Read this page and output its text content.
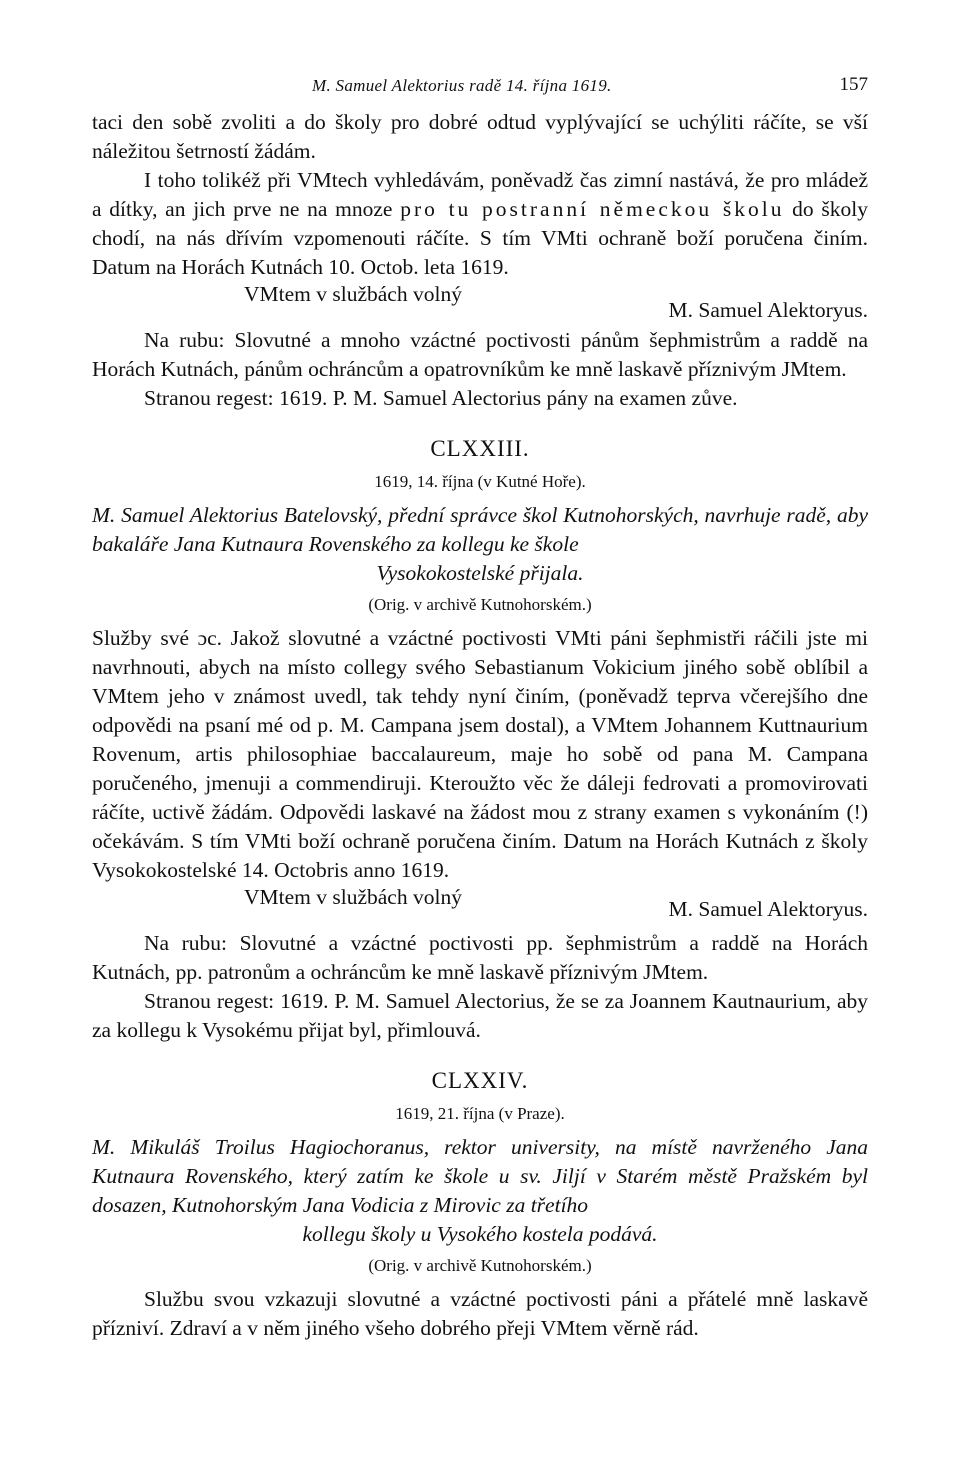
M. Samuel Alektorius radě 14. října 1619.	157

taci den sobě zvoliti a do školy pro dobré odtud vyplývající se uchýliti ráčíte, se vší náležitou šetrností žádám.

I toho tolikéž při VMtech vyhledávám, poněvadž čas zimní nastává, že pro mládež a dítky, an jich prve ne na mnoze pro tu postranní německou školu do školy chodí, na nás dřívím vzpomenouti ráčíte. S tím VMti ochraně boží poručena činím. Datum na Horách Kutnách 10. Octob. leta 1619.

VMtem v službách volný
M. Samuel Alektoryus.

Na rubu: Slovutné a mnoho vzáctné poctivosti pánům šephmistrům a raddě na Horách Kutnách, pánům ochráncům a opatrovníkům ke mně laskavě příznivým JMtem.

Stranou regest: 1619. P. M. Samuel Alectorius pány na examen zůve.

CLXXIII.
1619, 14. října (v Kutné Hoře).
M. Samuel Alektorius Batelovský, přední správce škol Kutnohorských, navrhuje radě, aby bakaláře Jana Kutnaura Rovenského za kollegu ke škole
Vysokokostelské přijala.
(Orig. v archivě Kutnohorském.)

Služby své ɔc. Jakož slovutné a vzáctné poctivosti VMti páni šephmistři ráčili jste mi navrhnouti, abych na místo collegy svého Sebastianum Vokicium jiného sobě oblíbil a VMtem jeho v známost uvedl, tak tehdy nyní činím, (poněvadž teprva včerejšího dne odpovědi na psaní mé od p. M. Campana jsem dostal), a VMtem Johannem Kuttnaurium Rovenum, artis philosophiae baccalaureum, maje ho sobě od pana M. Campana poručeného, jmenuji a commendiruji. Kteroužto věc že dáleji fedrovati a promovirovati ráčíte, uctivě žádám. Odpovědi laskavé na žádost mou z strany examen s vykonáním (!) očekávám. S tím VMti boží ochraně poručena činím. Datum na Horách Kutnách z školy Vysokokostelské 14. Octobris anno 1619.

VMtem v službách volný	M. Samuel Alektoryus.

Na rubu: Slovutné a vzáctné poctivosti pp. šephmistrům a raddě na Horách Kutnách, pp. patronům a ochráncům ke mně laskavě příznivým JMtem.

Stranou regest: 1619. P. M. Samuel Alectorius, že se za Joannem Kautnaurium, aby za kollegu k Vysokému přijat byl, přimlouvá.

CLXXIV.
1619, 21. října (v Praze).
M. Mikuláš Troilus Hagiochoranus, rektor university, na místě navrženého Jana Kutnaura Rovenského, který zatím ke škole u sv. Jiljí v Starém městě Pražském byl dosazen, Kutnohorským Jana Vodicia z Mirovic za třetího
kollegu školy u Vysokého kostela podává.
(Orig. v archivě Kutnohorském.)

Službu svou vzkazuji slovutné a vzáctné poctivosti páni a přátelé mně laskavě přízniví. Zdraví a v něm jiného všeho dobrého přeji VMtem věrně rád.
